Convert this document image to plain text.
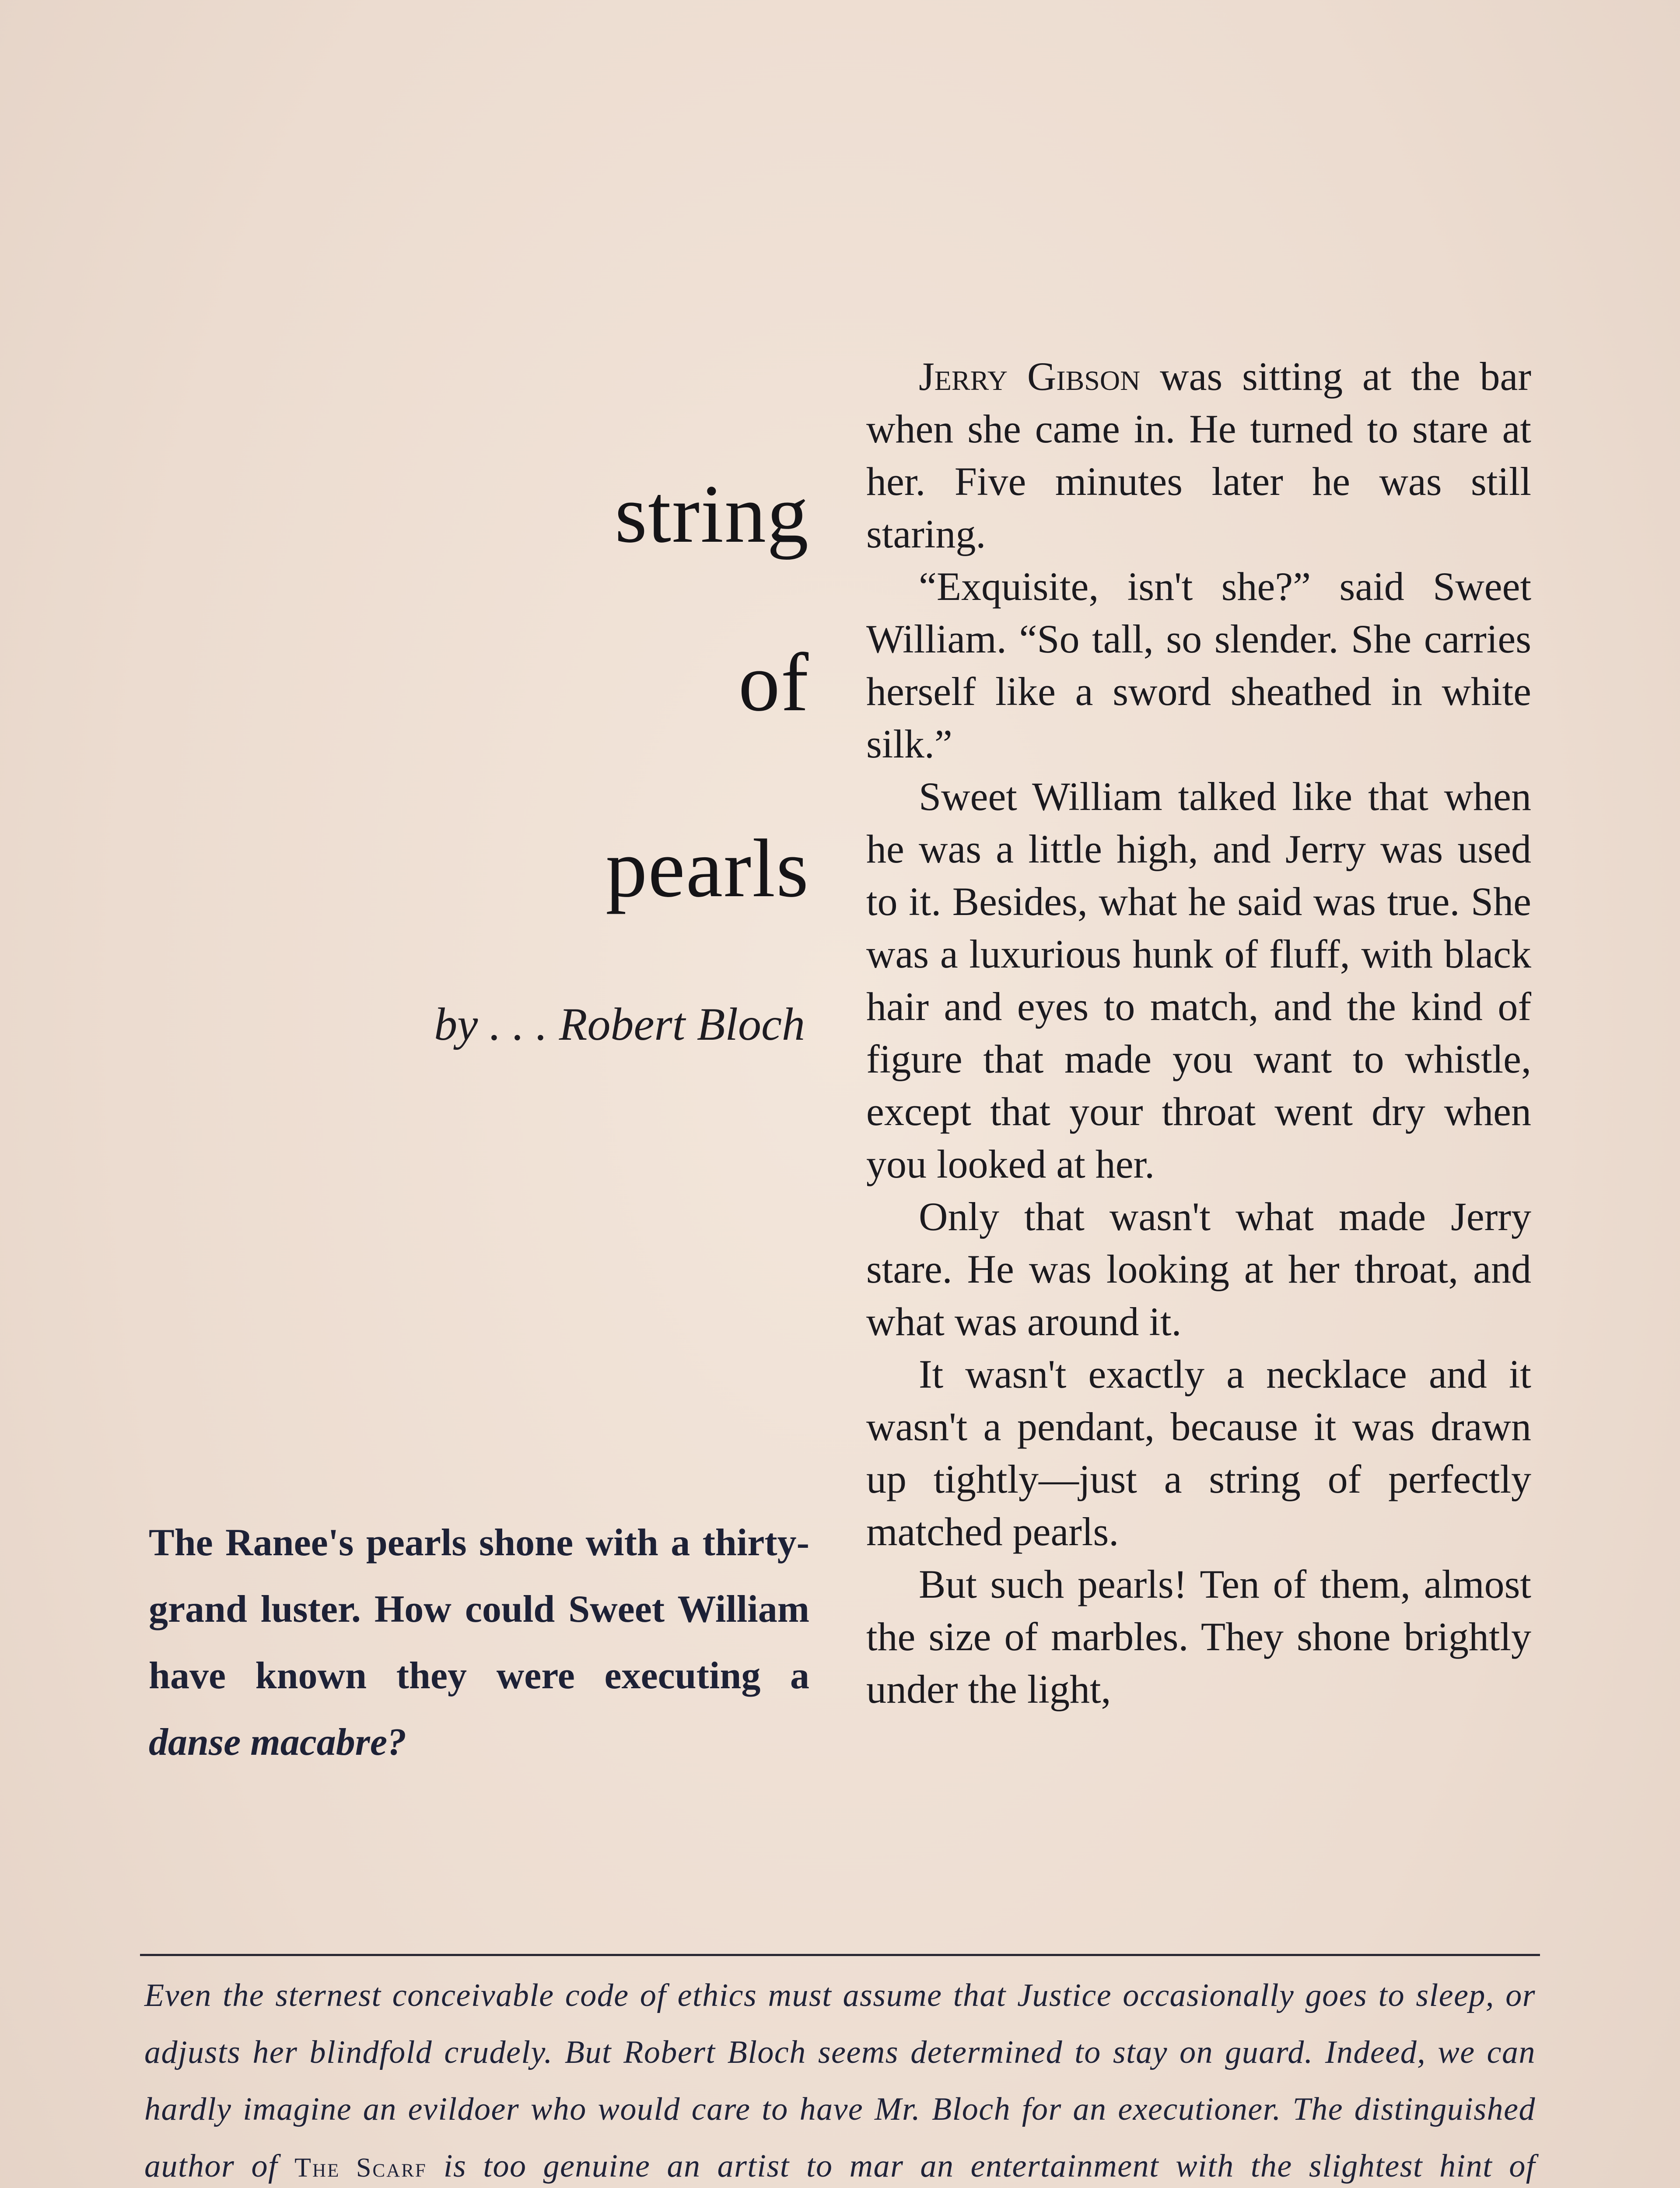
string
of
pearls

by . . . Robert Bloch

The Ranee's pearls shone with a thirty-grand luster. How could Sweet William have known they were executing a danse macabre?

Jerry Gibson was sitting at the bar when she came in. He turned to stare at her. Five minutes later he was still staring.

“Exquisite, isn't she?” said Sweet William. “So tall, so slender. She carries herself like a sword sheathed in white silk.”

Sweet William talked like that when he was a little high, and Jerry was used to it. Besides, what he said was true. She was a luxurious hunk of fluff, with black hair and eyes to match, and the kind of figure that made you want to whistle, except that your throat went dry when you looked at her.

Only that wasn't what made Jerry stare. He was looking at her throat, and what was around it.

It wasn't exactly a necklace and it wasn't a pendant, because it was drawn up tightly—just a string of perfectly matched pearls.

But such pearls! Ten of them, almost the size of marbles. They shone brightly under the light,

Even the sternest conceivable code of ethics must assume that Justice occasionally goes to sleep, or adjusts her blindfold crudely. But Robert Bloch seems determined to stay on guard. Indeed, we can hardly imagine an evildoer who would care to have Mr. Bloch for an executioner. The distinguished author of The Scarf is too genuine an artist to mar an entertainment with the slightest hint of
